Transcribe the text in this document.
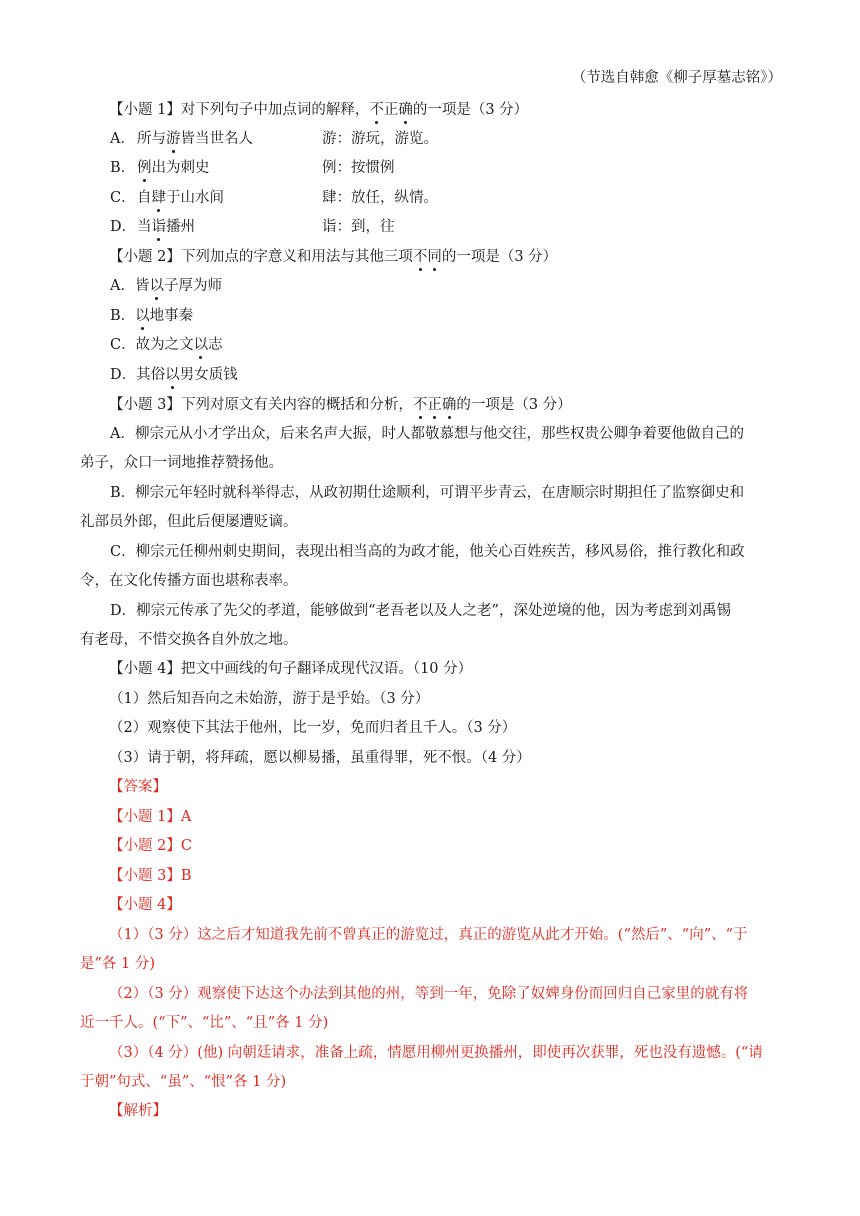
（节选自韩愈《柳子厚墓志铭》）
【小题 1】对下列句子中加点词的解释，不正确的一项是（3 分）
A． 所与游皆当世名人	游：游玩，游览。
B． 例出为刺史	例：按惯例
C． 自肆于山水间	肆：放任，纵情。
D． 当诣播州	诣：到，往
【小题 2】下列加点的字意义和用法与其他三项不同的一项是（3 分）
A．皆以子厚为师
B．以地事秦
C．故为之文以志
D．其俗以男女质钱
【小题 3】下列对原文有关内容的概括和分析，不正确的一项是（3 分）
A．柳宗元从小才学出众，后来名声大振，时人都敬慕想与他交往，那些权贵公卿争着要他做自己的
弟子，众口一词地推荐赞扬他。
B．柳宗元年轻时就科举得志，从政初期仕途顺利，可谓平步青云，在唐顺宗时期担任了监察御史和
礼部员外郎，但此后便屡遭贬谪。
C．柳宗元任柳州刺史期间，表现出相当高的为政才能，他关心百姓疾苦，移风易俗，推行教化和政
令，在文化传播方面也堪称表率。
D．柳宗元传承了先父的孝道，能够做到“老吾老以及人之老”，深处逆境的他，因为考虑到刘禹锡
有老母，不惜交换各自外放之地。
【小题 4】把文中画线的句子翻译成现代汉语。（10 分）
（1）然后知吾向之未始游，游于是乎始。（3 分）
（2）观察使下其法于他州，比一岁，免而归者且千人。（3 分）
（3）请于朝，将拜疏，愿以柳易播，虽重得罪，死不恨。（4 分）
【答案】
【小题 1】A
【小题 2】C
【小题 3】B
【小题 4】
（1）（3 分）这之后才知道我先前不曾真正的游览过，真正的游览从此才开始。(“然后”、“向”、“于
是”各 1 分)
（2）（3 分）观察使下达这个办法到其他的州，等到一年，免除了奴婢身份而回归自己家里的就有将
近一千人。(“下”、“比”、“且”各 1 分)
（3）（4 分）(他) 向朝廷请求，准备上疏，情愿用柳州更换播州，即使再次获罪，死也没有遗憾。(“请
于朝”句式、“虽”、“恨”各 1 分)
【解析】
